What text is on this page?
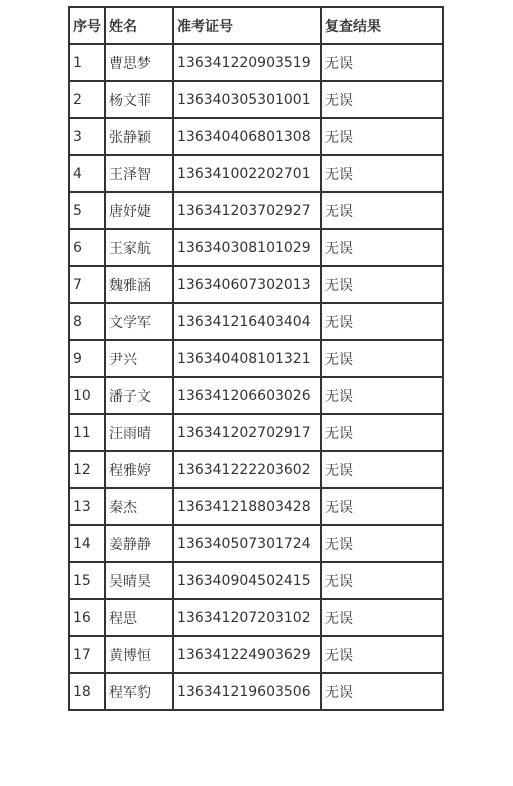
序号	姓名	准考证号	复查结果
1	曹思梦	136341220903519	无误
2	杨文菲	136340305301001	无误
3	张静颖	136340406801308	无误
4	王泽智	136341002202701	无误
5	唐妤婕	136341203702927	无误
6	王家航	136340308101029	无误
7	魏雅涵	136340607302013	无误
8	文学军	136341216403404	无误
9	尹兴	136340408101321	无误
10	潘子文	136341206603026	无误
11	汪雨晴	136341202702917	无误
12	程雅婷	136341222203602	无误
13	秦杰	136341218803428	无误
14	姜静静	136340507301724	无误
15	吴晴昊	136340904502415	无误
16	程思	136341207203102	无误
17	黄博恒	136341224903629	无误
18	程军豹	136341219603506	无误
